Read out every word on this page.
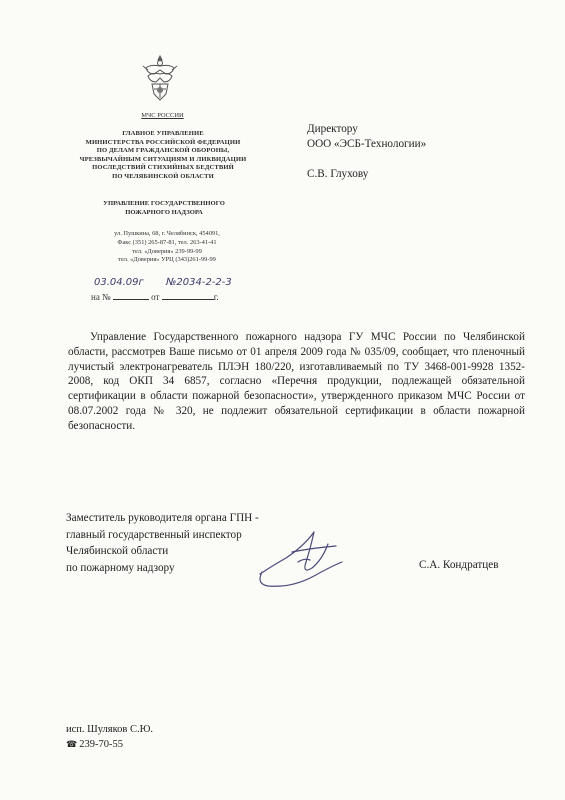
МЧС РОССИИ
ГЛАВНОЕ УПРАВЛЕНИЕ
МИНИСТЕРСТВА РОССИЙСКОЙ ФЕДЕРАЦИИ
ПО ДЕЛАМ ГРАЖДАНСКОЙ ОБОРОНЫ,
ЧРЕЗВЫЧАЙНЫМ СИТУАЦИЯМ И ЛИКВИДАЦИИ
ПОСЛЕДСТВИЙ СТИХИЙНЫХ БЕДСТВИЙ
ПО ЧЕЛЯБИНСКОЙ ОБЛАСТИ
УПРАВЛЕНИЕ ГОСУДАРСТВЕННОГО
ПОЖАРНОГО НАДЗОРА
ул. Пушкина, 68, г. Челябинск, 454091,
Факс (351) 265-87-81, тел. 263-41-41
тел. «Доверия» 239-99-99
тел. «Доверия» УРЦ (343)261-99-99
03.04.09г №2034-2-2-3
на №	от	г.
Директору
ООО «ЭСБ-Технологии»
С.В. Глухову
Управление Государственного пожарного надзора ГУ МЧС России по Челябинской области, рассмотрев Ваше письмо от 01 апреля 2009 года № 035/09, сообщает, что пленочный лучистый электронагреватель ПЛЭН 180/220, изготавливаемый по ТУ 3468-001-9928 1352-2008, код ОКП 34 6857, согласно «Перечня продукции, подлежащей обязательной сертификации в области пожарной безопасности», утвержденного приказом МЧС России от 08.07.2002 года № 320, не подлежит обязательной сертификации в области пожарной безопасности.
Заместитель руководителя органа ГПН -
главный государственный инспектор
Челябинской области
по пожарному надзору	С.А. Кондратцев
исп. Шуляков С.Ю.
☎ 239-70-55
